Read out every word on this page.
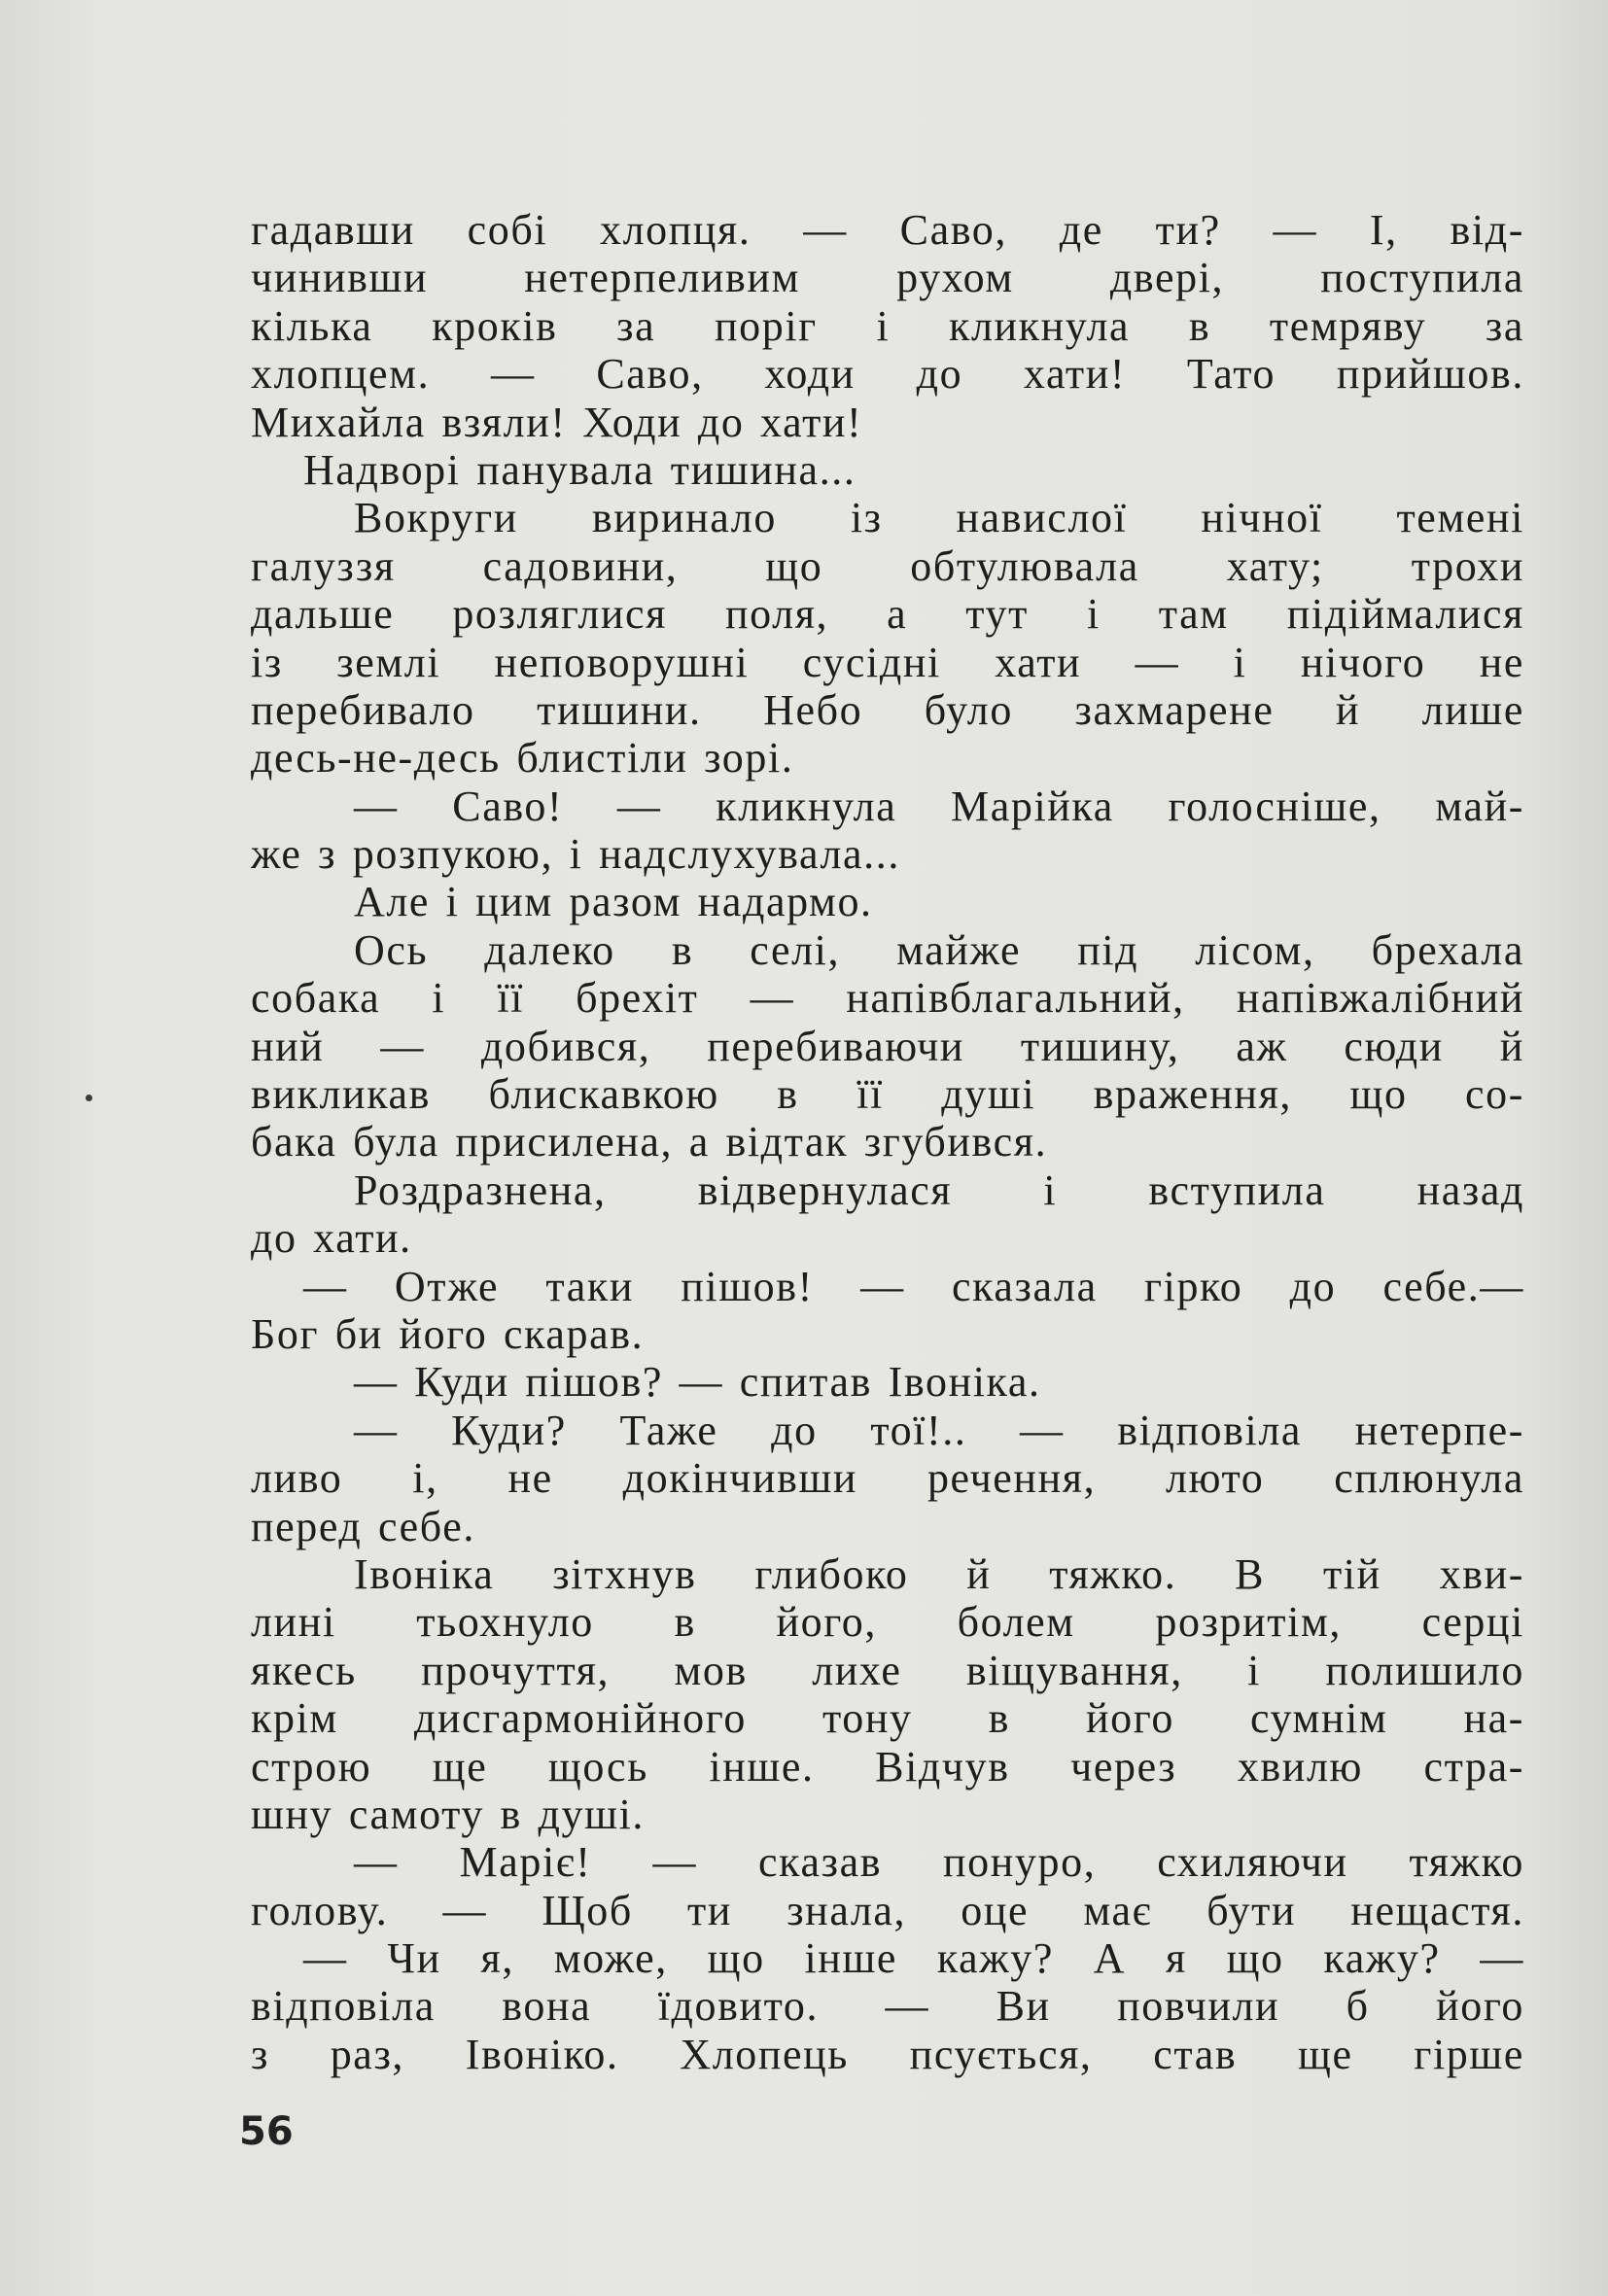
гадавши собі хлопця. — Саво, де ти? — І, від-
чинивши нетерпеливим рухом двері, поступила
кілька кроків за поріг і кликнула в темряву за
хлопцем. — Саво, ходи до хати! Тато прийшов.
Михайла взяли! Ходи до хати!
Надворі панувала тишина...
Вокруги виринало із навислої нічної темені
галуззя садовини, що обтулювала хату; трохи
дальше розляглися поля, а тут і там підіймалися
із землі неповорушні сусідні хати — і нічого не
перебивало тишини. Небо було захмарене й лише
десь-не-десь блистіли зорі.
— Саво! — кликнула Марійка голосніше, май-
же з розпукою, і надслухувала...
Але і цим разом надармо.
Ось далеко в селі, майже під лісом, брехала
собака і її брехіт — напівблагальний, напівжалібний
ний — добився, перебиваючи тишину, аж сюди й
викликав блискавкою в її душі враження, що со-
бака була присилена, а відтак згубився.
Роздразнена, відвернулася і вступила назад
до хати.
— Отже таки пішов! — сказала гірко до себе.—
Бог би його скарав.
— Куди пішов? — спитав Івоніка.
— Куди? Таже до тої!.. — відповіла нетерпе-
ливо і, не докінчивши речення, люто сплюнула
перед себе.
Івоніка зітхнув глибоко й тяжко. В тій хви-
лині тьохнуло в його, болем розритім, серці
якесь прочуття, мов лихе віщування, і полишило
крім дисгармонійного тону в його сумнім на-
строю ще щось інше. Відчув через хвилю стра-
шну самоту в душі.
— Маріє! — сказав понуро, схиляючи тяжко
голову. — Щоб ти знала, оце має бути нещастя.
— Чи я, може, що інше кажу? А я що кажу? —
відповіла вона їдовито. — Ви повчили б його
з раз, Івоніко. Хлопець псується, став ще гірше
56
